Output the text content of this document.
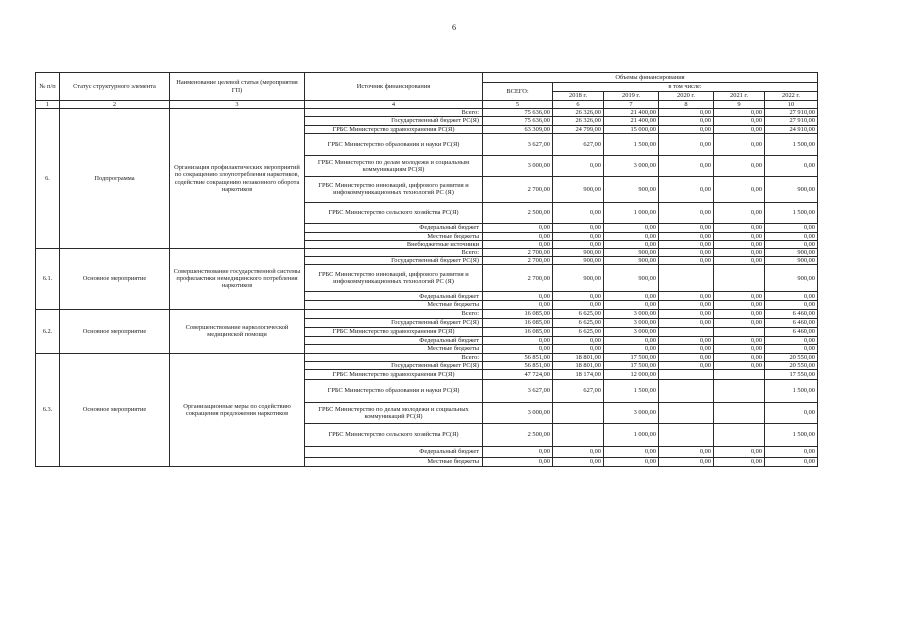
6
№ п/п	Статус структурного элемента	Наименование целевой статьи (мероприятия ГП)	Источник финансирования	Объемы финансирования					
				ВСЕГО:	в том числе:				
					2018 г.	2019 г.	2020 г.	2021 г.	2022 г.
1	2	3	4	5	6	7	8	9	10
6.	Подпрограмма	Организация профилактических мероприятий по сокращению злоупотребления наркотиков, содействие сокращению незаконного оборота наркотиков	Всего:	75 636,00	26 326,00	21 400,00	0,00	0,00	27 910,00
			Государственный бюджет РС(Я)	75 636,00	26 326,00	21 400,00	0,00	0,00	27 910,00
			ГРБС Министерство здравоохранения РС(Я)	63 309,00	24 799,00	15 000,00	0,00	0,00	24 910,00
			ГРБС Министерство образования и науки РС(Я)	3 627,00	627,00	1 500,00	0,00	0,00	1 500,00
			ГРБС Министерство по делам молодежи и социальным коммуникациям РС(Я)	3 000,00	0,00	3 000,00	0,00	0,00	0,00
			ГРБС Министерство инноваций, цифрового развития и инфокоммуникационных технологий РС (Я)	2 700,00	900,00	900,00	0,00	0,00	900,00
			ГРБС Министерство сельского хозяйства РС(Я)	2 500,00	0,00	1 000,00	0,00	0,00	1 500,00
			Федеральный бюджет	0,00	0,00	0,00	0,00	0,00	0,00
			Местные бюджеты	0,00	0,00	0,00	0,00	0,00	0,00
			Внебюджетные источники	0,00	0,00	0,00	0,00	0,00	0,00
6.1.	Основное мероприятие	Совершенствование государственной системы профилактики немедицинского потребления наркотиков	Всего:	2 700,00	900,00	900,00	0,00	0,00	900,00
			Государственный бюджет РС(Я)	2 700,00	900,00	900,00	0,00	0,00	900,00
			ГРБС Министерство инноваций, цифрового развития и инфокоммуникационных технологий РС (Я)	2 700,00	900,00	900,00			900,00
			Федеральный бюджет	0,00	0,00	0,00	0,00	0,00	0,00
			Местные бюджеты	0,00	0,00	0,00	0,00	0,00	0,00
6.2.	Основное мероприятие	Совершенствование наркологической медицинской помощи	Всего:	16 085,00	6 625,00	3 000,00	0,00	0,00	6 460,00
			Государственный бюджет РС(Я)	16 085,00	6 625,00	3 000,00	0,00	0,00	6 460,00
			ГРБС Министерство здравоохранения РС(Я)	16 085,00	6 625,00	3 000,00			6 460,00
			Федеральный бюджет	0,00	0,00	0,00	0,00	0,00	0,00
			Местные бюджеты	0,00	0,00	0,00	0,00	0,00	0,00
6.3.	Основное мероприятие	Организационные меры по содействию сокращения предложения наркотиков	Всего:	56 851,00	18 801,00	17 500,00	0,00	0,00	20 550,00
			Государственный бюджет РС(Я)	56 851,00	18 801,00	17 500,00	0,00	0,00	20 550,00
			ГРБС Министерство здравоохранения РС(Я)	47 724,00	18 174,00	12 000,00			17 550,00
			ГРБС Министерство образования и науки РС(Я)	3 627,00	627,00	1 500,00			1 500,00
			ГРБС Министерство по делам молодежи и социальных коммуникаций РС(Я)	3 000,00		3 000,00			0,00
			ГРБС Министерство сельского хозяйства РС(Я)	2 500,00		1 000,00			1 500,00
			Федеральный бюджет	0,00	0,00	0,00	0,00	0,00	0,00
			Местные бюджеты	0,00	0,00	0,00	0,00	0,00	0,00
